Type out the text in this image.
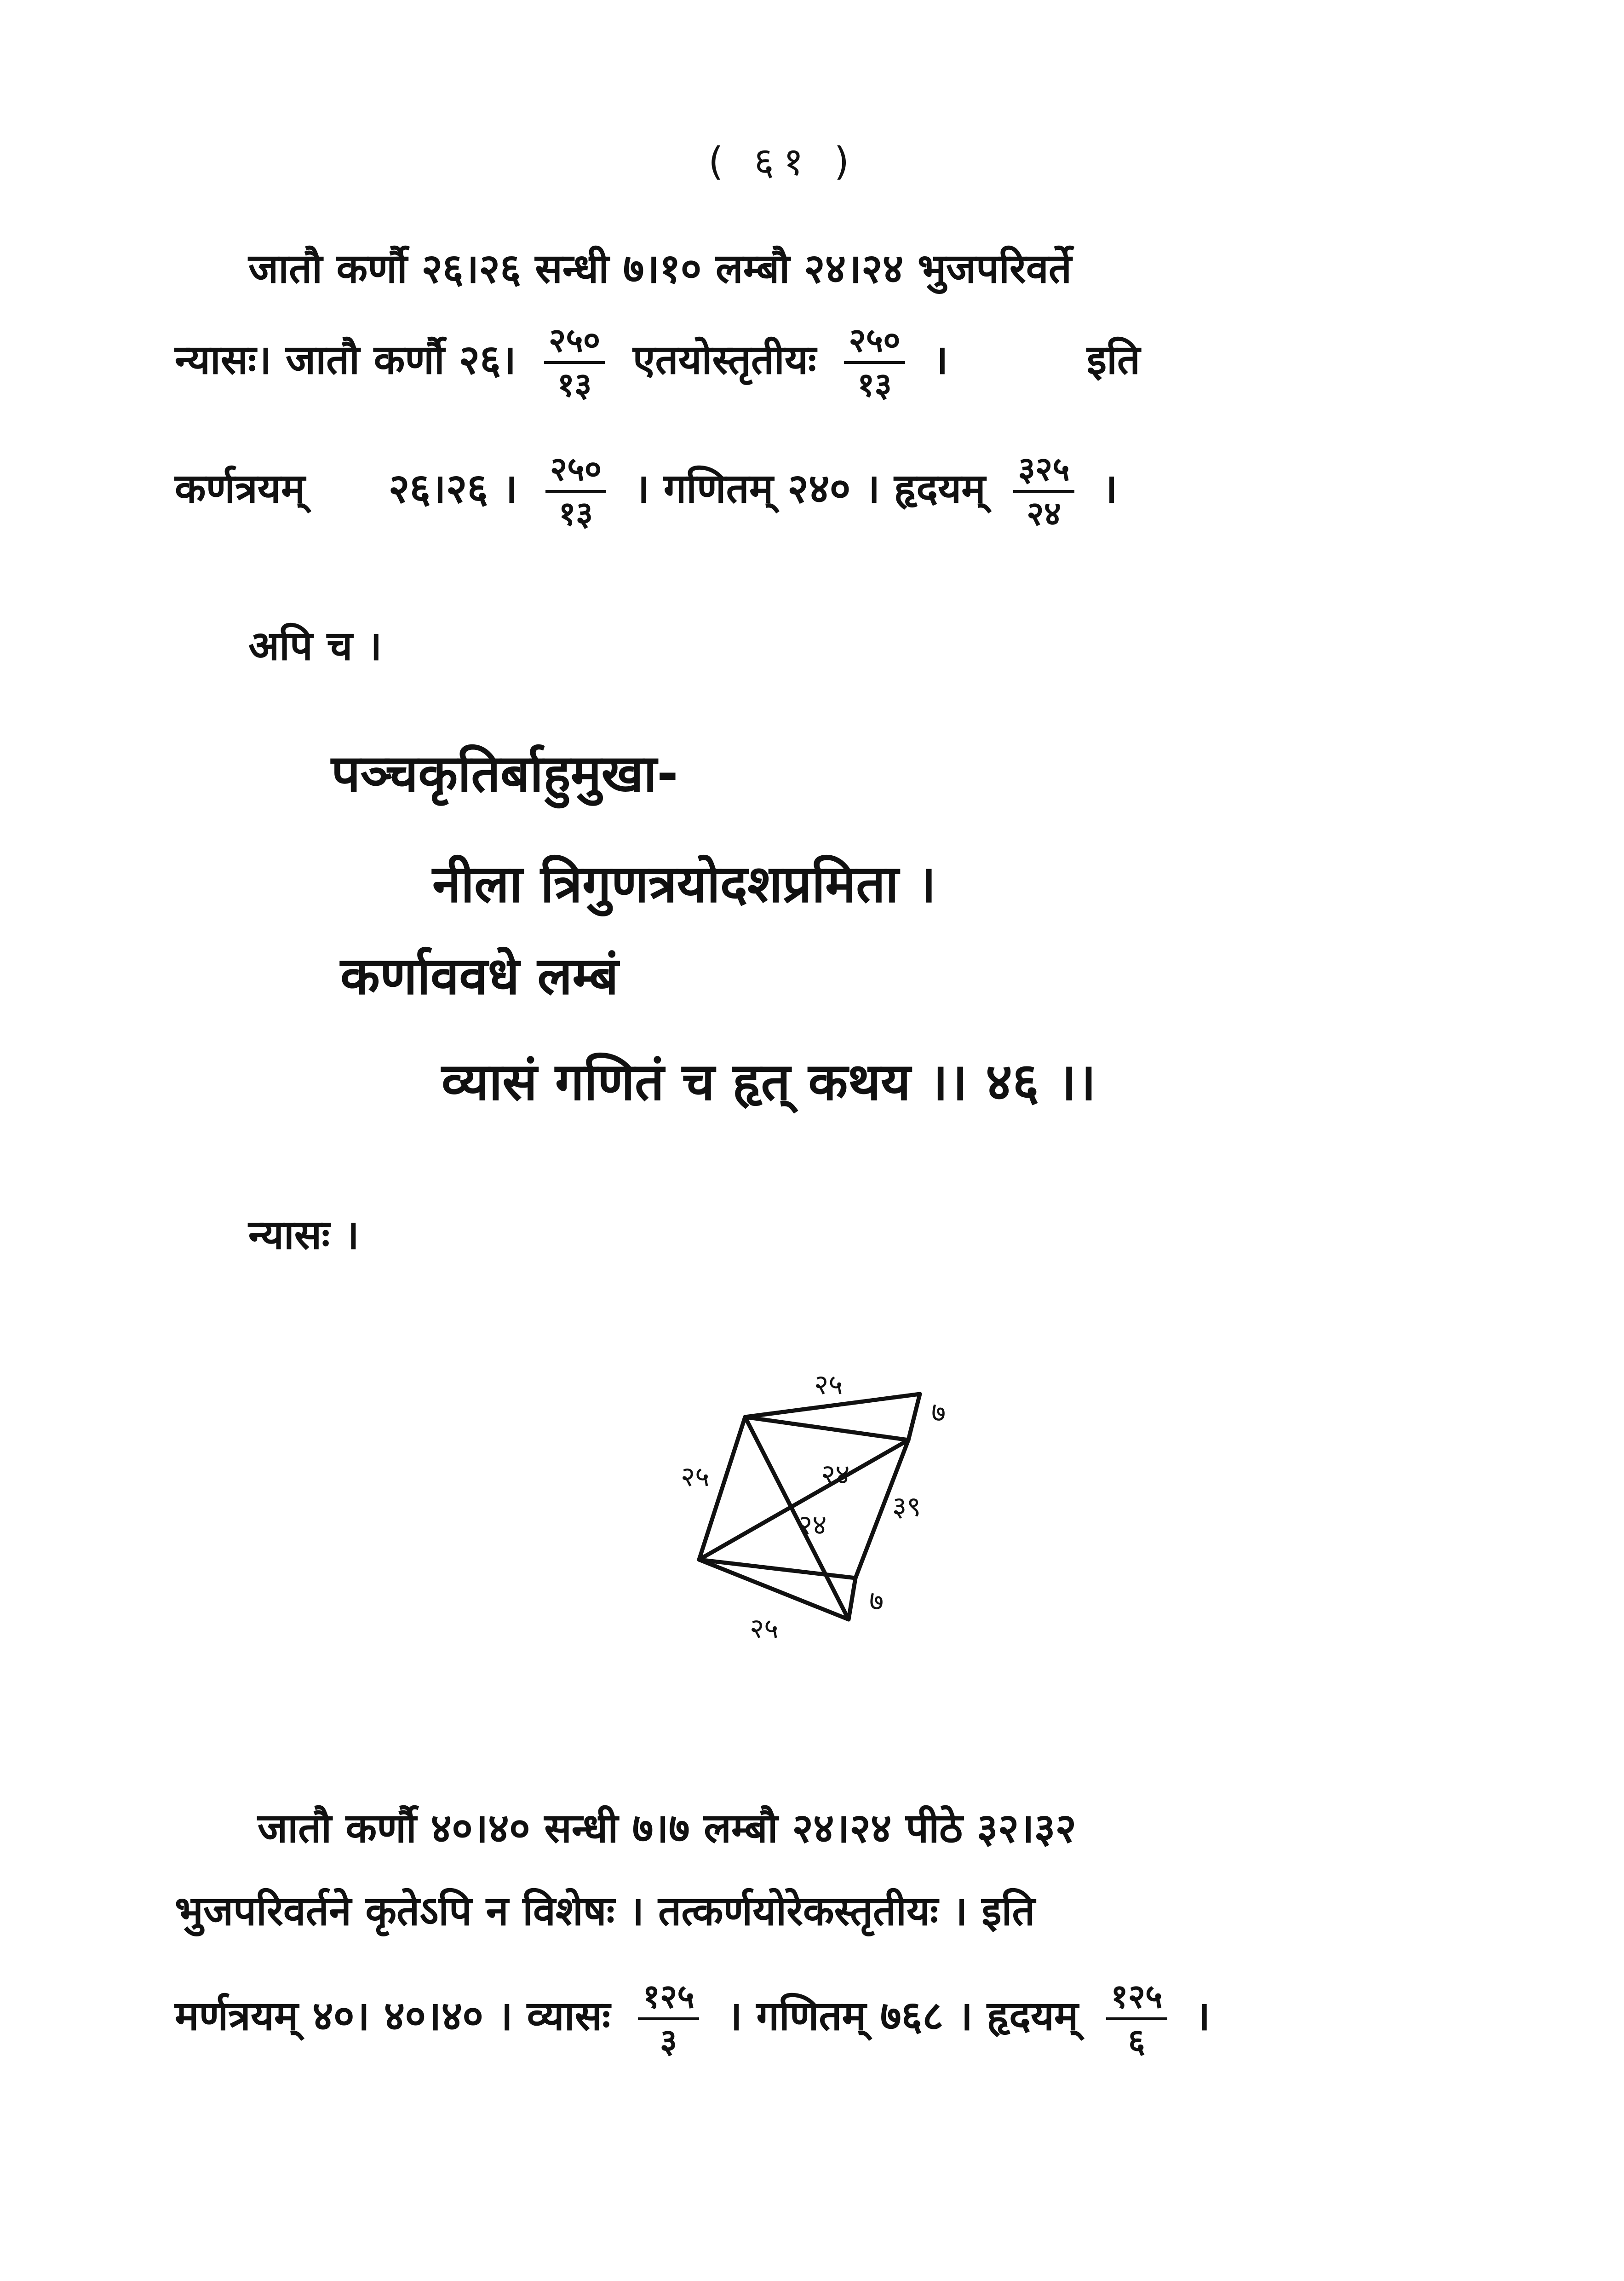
( ६१ )
जातौ कर्णौ २६।२६ सन्धी ७।१० लम्बौ २४।२४ भुजपरिवर्ते
न्यासः। जातौ कर्णौ २६। $\frac{२५०}{१३}$ एतयोस्तृतीयः $\frac{२५०}{१३}$ ।	इति
कर्णत्रयम् २६।२६ । $\frac{२५०}{१३}$ । गणितम् २४० । हृदयम् $\frac{३२५}{२४}$ ।
अपि च ।
पञ्चकृतिर्बाहुमुखा-
नीला त्रिगुणत्रयोदशप्रमिता ।
कर्णाववधे लम्बं
व्यासं गणितं च हृत् कथय ।। ४६ ।।
न्यासः ।
२५
२५
२५
३९
७
७
२४
२४
जातौ कर्णौ ४०।४० सन्धी ७।७ लम्बौ २४।२४ पीठे ३२।३२
भुजपरिवर्तने कृतेऽपि न विशेषः । तत्कर्णयोरेकस्तृतीयः । इति
मर्णत्रयम् ४०। ४०।४० । व्यासः $\frac{१२५}{३}$ । गणितम् ७६८ । हृदयम् $\frac{१२५}{६}$ ।
